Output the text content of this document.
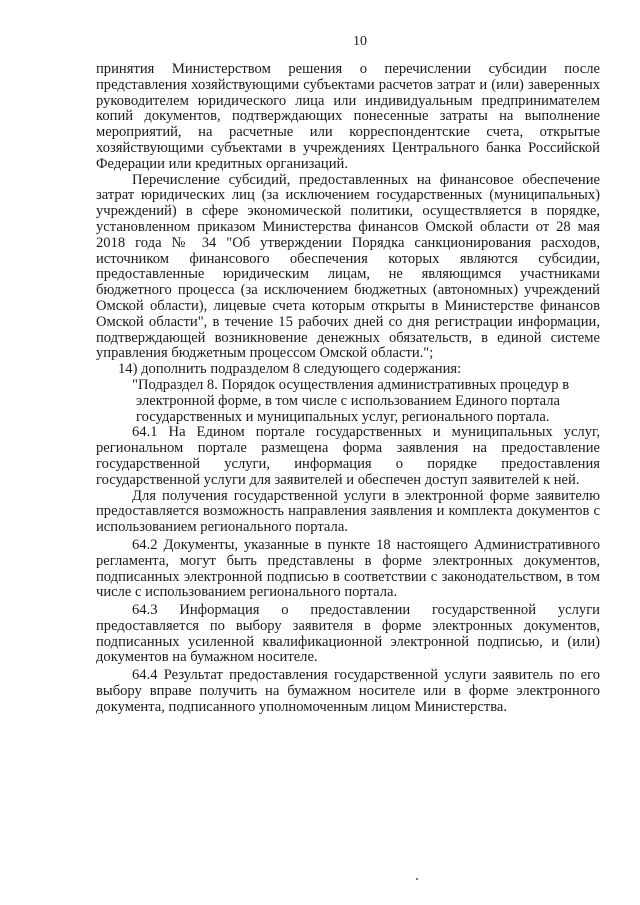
10

принятия Министерством решения о перечислении субсидии после представления хозяйствующими субъектами расчетов затрат и (или) заверенных руководителем юридического лица или индивидуальным предпринимателем копий документов, подтверждающих понесенные затраты на выполнение мероприятий, на расчетные или корреспондентские счета, открытые хозяйствующими субъектами в учреждениях Центрального банка Российской Федерации или кредитных организаций.

Перечисление субсидий, предоставленных на финансовое обеспечение затрат юридических лиц (за исключением государственных (муниципальных) учреждений) в сфере экономической политики, осуществляется в порядке, установленном приказом Министерства финансов Омской области от 28 мая 2018 года № 34 "Об утверждении Порядка санкционирования расходов, источником финансового обеспечения которых являются субсидии, предоставленные юридическим лицам, не являющимся участниками бюджетного процесса (за исключением бюджетных (автономных) учреждений Омской области), лицевые счета которым открыты в Министерстве финансов Омской области", в течение 15 рабочих дней со дня регистрации информации, подтверждающей возникновение денежных обязательств, в единой системе управления бюджетным процессом Омской области.";

14) дополнить подразделом 8 следующего содержания:

"Подраздел 8. Порядок осуществления административных процедур в
электронной форме, в том числе с использованием Единого портала
государственных и муниципальных услуг, регионального портала.

64.1 На Едином портале государственных и муниципальных услуг, региональном портале размещена форма заявления на предоставление государственной услуги, информация о порядке предоставления государственной услуги для заявителей и обеспечен доступ заявителей к ней.

Для получения государственной услуги в электронной форме заявителю предоставляется возможность направления заявления и комплекта документов с использованием регионального портала.

64.2 Документы, указанные в пункте 18 настоящего Административного регламента, могут быть представлены в форме электронных документов, подписанных электронной подписью в соответствии с законодательством, в том числе с использованием регионального портала.

64.3 Информация о предоставлении государственной услуги предоставляется по выбору заявителя в форме электронных документов, подписанных усиленной квалификационной электронной подписью, и (или) документов на бумажном носителе.

64.4 Результат предоставления государственной услуги заявитель по его выбору вправе получить на бумажном носителе или в форме электронного документа, подписанного уполномоченным лицом Министерства.
